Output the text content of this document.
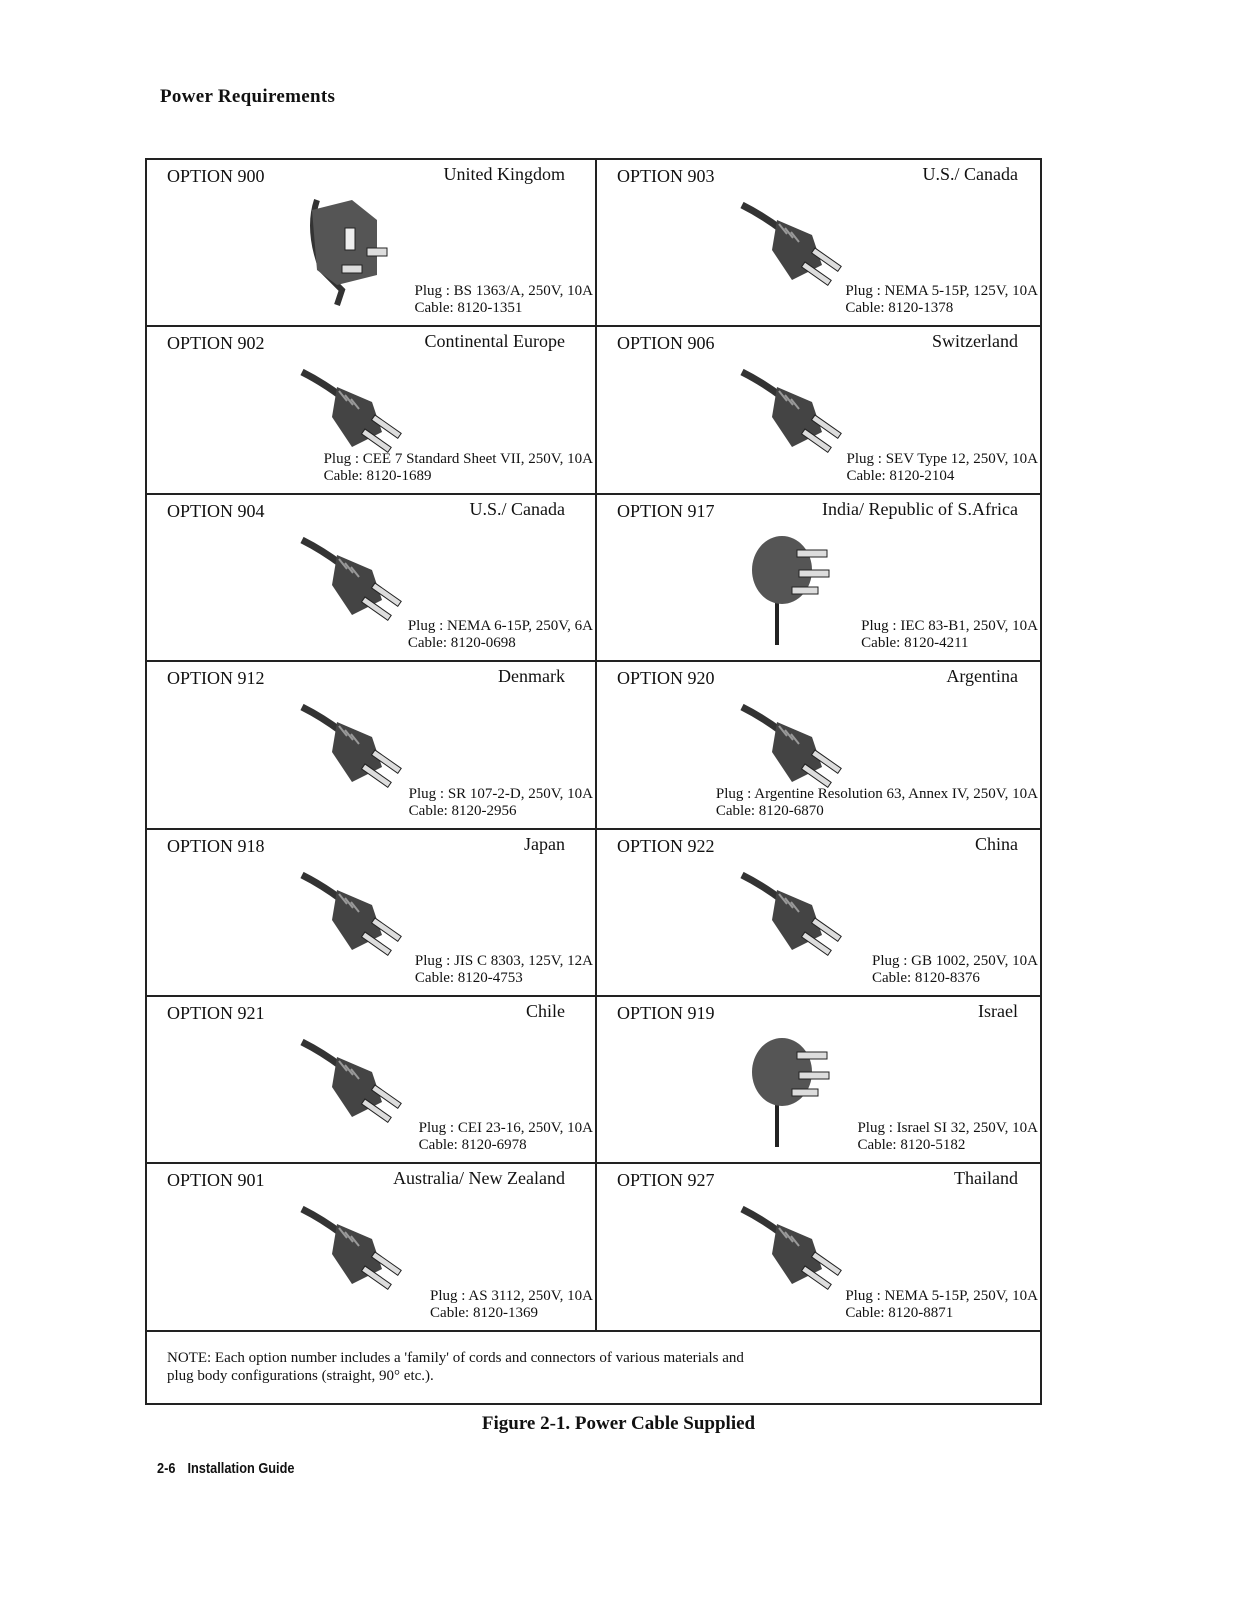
Power Requirements
OPTION 900	United Kingdom
Plug : BS 1363/A, 250V, 10A
Cable: 8120-1351
OPTION 903	U.S./ Canada
Plug : NEMA 5-15P, 125V, 10A
Cable: 8120-1378
OPTION 902	Continental Europe
Plug : CEE 7 Standard Sheet VII, 250V, 10A
Cable: 8120-1689
OPTION 906	Switzerland
Plug : SEV Type 12, 250V, 10A
Cable: 8120-2104
OPTION 904	U.S./ Canada
Plug : NEMA 6-15P, 250V, 6A
Cable: 8120-0698
OPTION 917	India/ Republic of S.Africa
Plug : IEC 83-B1, 250V, 10A
Cable: 8120-4211
OPTION 912	Denmark
Plug : SR 107-2-D, 250V, 10A
Cable: 8120-2956
OPTION 920	Argentina
Plug : Argentine Resolution 63, Annex IV, 250V, 10A
Cable: 8120-6870
OPTION 918	Japan
Plug : JIS C 8303, 125V, 12A
Cable: 8120-4753
OPTION 922	China
Plug : GB 1002, 250V, 10A
Cable: 8120-8376
OPTION 921	Chile
Plug : CEI 23-16, 250V, 10A
Cable: 8120-6978
OPTION 919	Israel
Plug : Israel SI 32, 250V, 10A
Cable: 8120-5182
OPTION 901	Australia/ New Zealand
Plug : AS 3112, 250V, 10A
Cable: 8120-1369
OPTION 927	Thailand
Plug : NEMA 5-15P, 250V, 10A
Cable: 8120-8871
NOTE: Each option number includes a 'family' of cords and connectors of various materials and
plug body configurations (straight, 90° etc.).
Figure 2-1. Power Cable Supplied
2-6 Installation Guide
